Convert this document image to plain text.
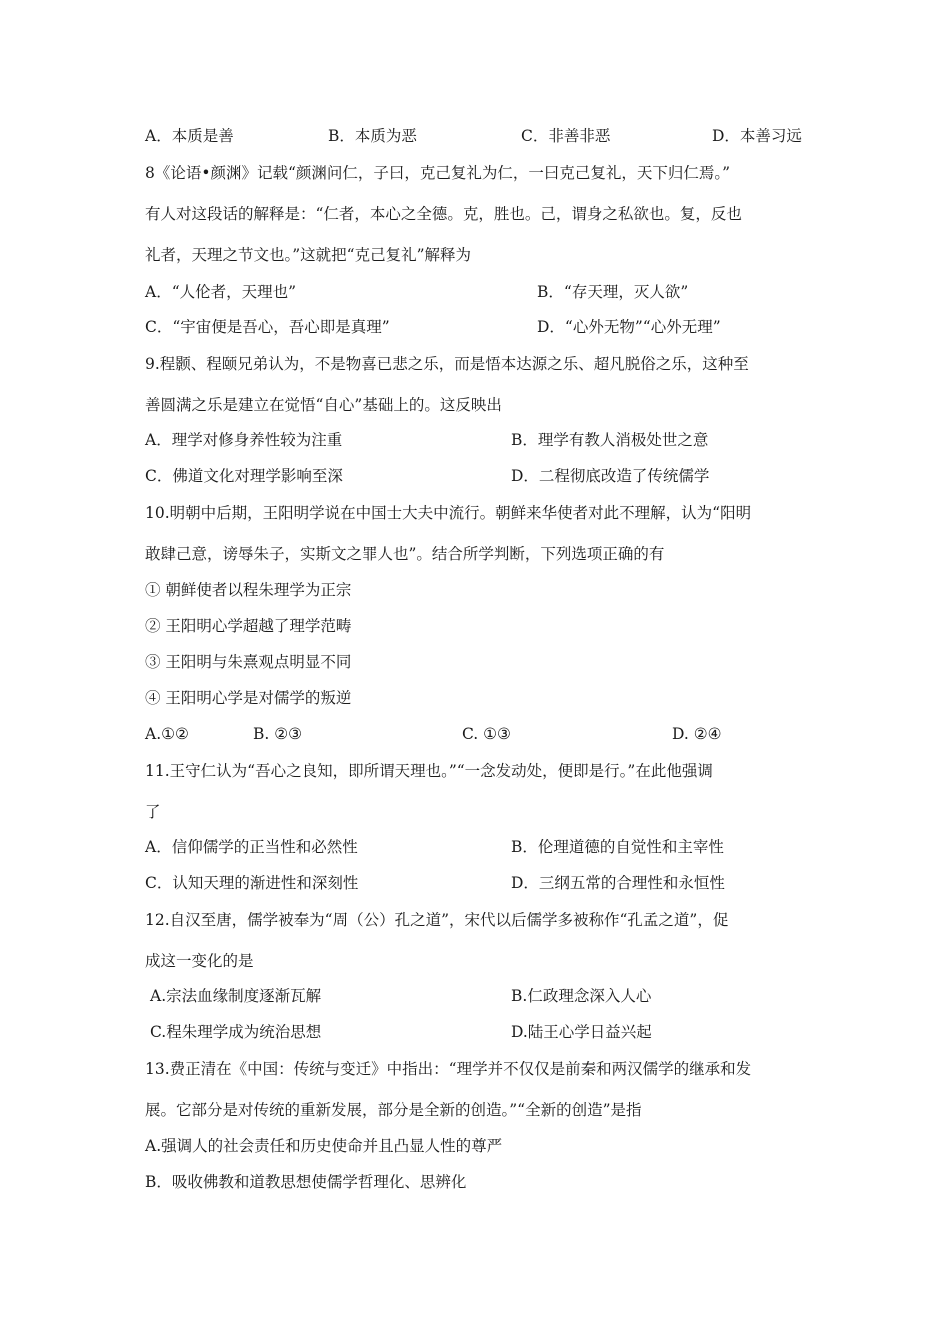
A．本质是善	B．本质为恶	C．非善非恶	D．本善习远
8《论语•颜渊》记载“颜渊问仁，子曰，克己复礼为仁，一曰克己复礼，天下归仁焉。”
有人对这段话的解释是：“仁者，本心之全德。克，胜也。己，谓身之私欲也。复，反也
礼者，天理之节文也。”这就把“克己复礼”解释为
A．“人伦者，天理也”	B．“存天理，灭人欲”
C．“宇宙便是吾心，吾心即是真理”	D．“心外无物”“心外无理”
9.程颢、程颐兄弟认为，不是物喜已悲之乐，而是悟本达源之乐、超凡脱俗之乐，这种至
善圆满之乐是建立在觉悟“自心”基础上的。这反映出
A．理学对修身养性较为注重	B．理学有教人消极处世之意
C．佛道文化对理学影响至深	D．二程彻底改造了传统儒学
10.明朝中后期，王阳明学说在中国士大夫中流行。朝鲜来华使者对此不理解，认为“阳明
敢肆己意，谤辱朱子，实斯文之罪人也”。结合所学判断，下列选项正确的有
① 朝鲜使者以程朱理学为正宗
② 王阳明心学超越了理学范畴
③ 王阳明与朱熹观点明显不同
④ 王阳明心学是对儒学的叛逆
A.①②	B. ②③	C. ①③	D. ②④
11.王守仁认为“吾心之良知，即所谓天理也。”“一念发动处，便即是行。”在此他强调
了
A．信仰儒学的正当性和必然性	B．伦理道德的自觉性和主宰性
C．认知天理的渐进性和深刻性	D．三纲五常的合理性和永恒性
12.自汉至唐，儒学被奉为“周（公）孔之道”，宋代以后儒学多被称作“孔孟之道”，促
成这一变化的是
A.宗法血缘制度逐渐瓦解	B.仁政理念深入人心
C.程朱理学成为统治思想	D.陆王心学日益兴起
13.费正清在《中国：传统与变迁》中指出：“理学并不仅仅是前秦和两汉儒学的继承和发
展。它部分是对传统的重新发展，部分是全新的创造。”“全新的创造”是指
A.强调人的社会责任和历史使命并且凸显人性的尊严
B．吸收佛教和道教思想使儒学哲理化、思辨化
